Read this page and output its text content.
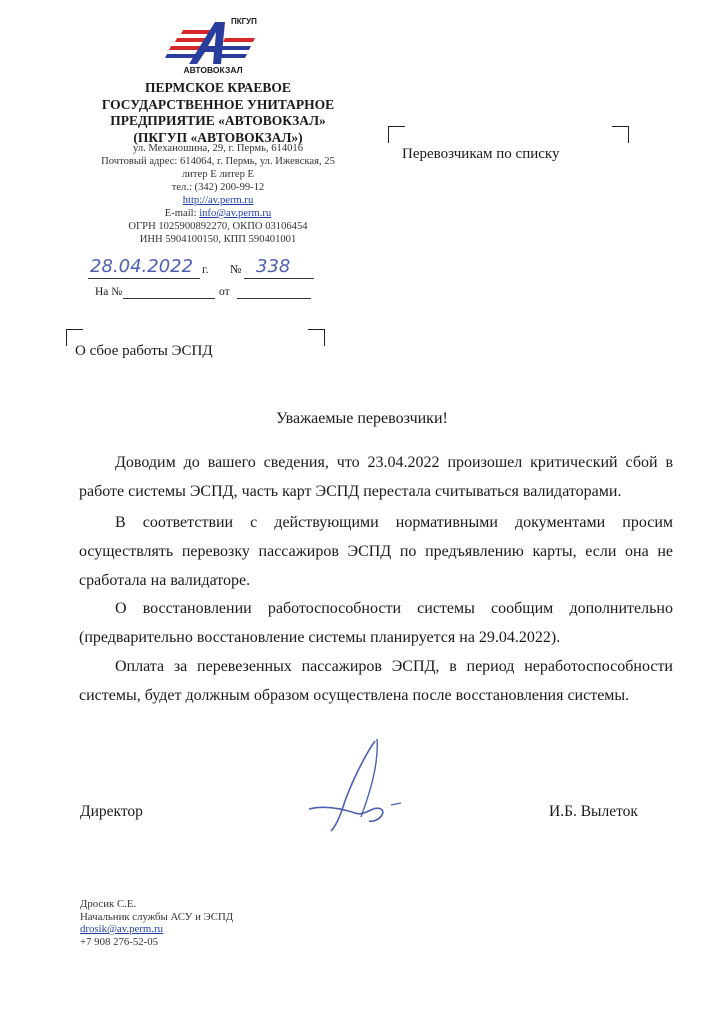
ПКГУП
АВТОВОКЗАЛ
ПЕРМСКОЕ КРАЕВОЕ
ГОСУДАРСТВЕННОЕ УНИТАРНОЕ
ПРЕДПРИЯТИЕ «АВТОВОКЗАЛ»
(ПКГУП «АВТОВОКЗАЛ»)
ул. Механошина, 29, г. Пермь, 614016
Почтовый адрес: 614064, г. Пермь, ул. Ижевская, 25
литер Е литер Е
тел.: (342) 200-99-12
http://av.perm.ru
E-mail: info@av.perm.ru
ОГРН 1025900892270, ОКПО 03106454
ИНН 5904100150, КПП 590401001
28.04.2022 г. № 338
На №	от
Перевозчикам по списку
О сбое работы ЭСПД
Уважаемые перевозчики!
Доводим до вашего сведения, что 23.04.2022 произошел критический сбой в работе системы ЭСПД, часть карт ЭСПД перестала считываться валидаторами.
В соответствии с действующими нормативными документами просим осуществлять перевозку пассажиров ЭСПД по предъявлению карты, если она не сработала на валидаторе.
О восстановлении работоспособности системы сообщим дополнительно (предварительно восстановление системы планируется на 29.04.2022).
Оплата за перевезенных пассажиров ЭСПД, в период неработоспособности системы, будет должным образом осуществлена после восстановления системы.
Директор	И.Б. Вылеток
Дросик С.Е.
Начальник службы АСУ и ЭСПД
drosik@av.perm.ru
+7 908 276-52-05
